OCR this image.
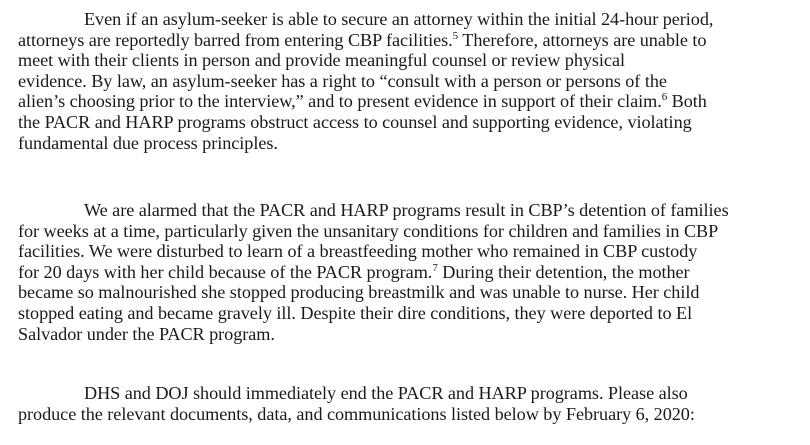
Even if an asylum-seeker is able to secure an attorney within the initial 24-hour period,
attorneys are reportedly barred from entering CBP facilities.$^5$ Therefore, attorneys are unable to
meet with their clients in person and provide meaningful counsel or review physical
evidence. By law, an asylum-seeker has a right to “consult with a person or persons of the
alien’s choosing prior to the interview,” and to present evidence in support of their claim.$^6$ Both
the PACR and HARP programs obstruct access to counsel and supporting evidence, violating
fundamental due process principles.
We are alarmed that the PACR and HARP programs result in CBP’s detention of families
for weeks at a time, particularly given the unsanitary conditions for children and families in CBP
facilities. We were disturbed to learn of a breastfeeding mother who remained in CBP custody
for 20 days with her child because of the PACR program.$^7$ During their detention, the mother
became so malnourished she stopped producing breastmilk and was unable to nurse. Her child
stopped eating and became gravely ill. Despite their dire conditions, they were deported to El
Salvador under the PACR program.
DHS and DOJ should immediately end the PACR and HARP programs. Please also
produce the relevant documents, data, and communications listed below by February 6, 2020:
